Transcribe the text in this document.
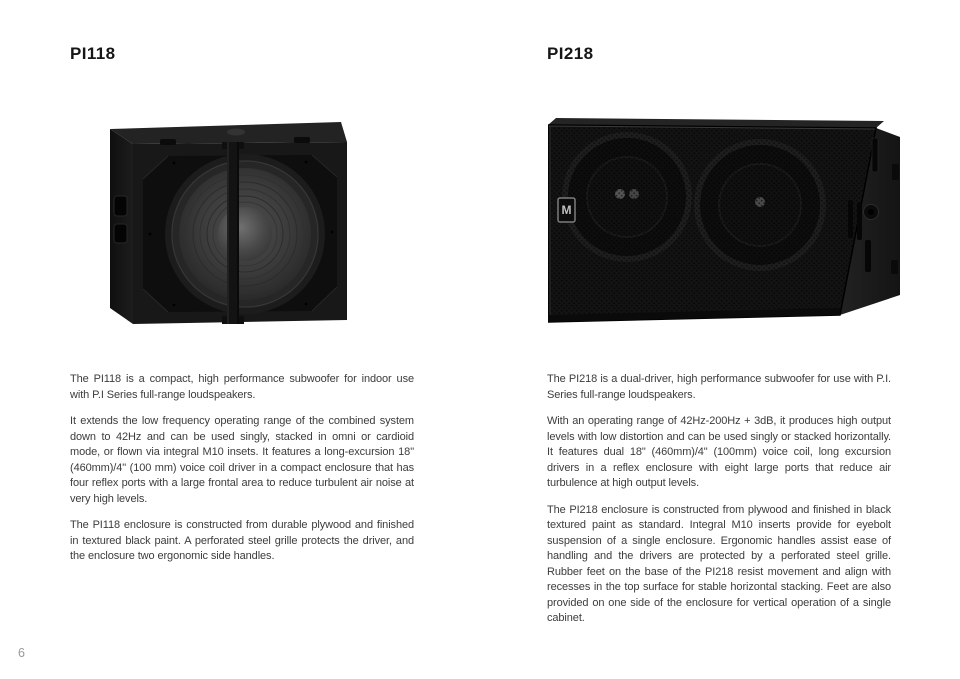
PI118

The PI118 is a compact, high performance subwoofer for indoor use with P.I Series full-range loudspeakers.

It extends the low frequency operating range of the combined system down to 42Hz and can be used singly, stacked in omni or cardioid mode, or flown via integral M10 insets. It features a long-excursion 18" (460mm)/4" (100 mm) voice coil driver in a compact enclosure that has four reflex ports with a large frontal area to reduce turbulent air noise at very high levels.

The PI118 enclosure is constructed from durable plywood and finished in textured black paint. A perforated steel grille protects the driver, and the enclosure two ergonomic side handles.

PI218
M

The PI218 is a dual-driver, high performance subwoofer for use with P.I. Series full-range loudspeakers.

With an operating range of 42Hz-200Hz + 3dB, it produces high output levels with low distortion and can be used singly or stacked horizontally. It features dual 18" (460mm)/4" (100mm) voice coil, long excursion drivers in a reflex enclosure with eight large ports that reduce air turbulence at high output levels.

The PI218 enclosure is constructed from plywood and finished in black textured paint as standard. Integral M10 inserts provide for eyebolt suspension of a single enclosure. Ergonomic handles assist ease of handling and the drivers are protected by a perforated steel grille. Rubber feet on the base of the PI218 resist movement and align with recesses in the top surface for stable horizontal stacking. Feet are also provided on one side of the enclosure for vertical operation of a single cabinet.

6
